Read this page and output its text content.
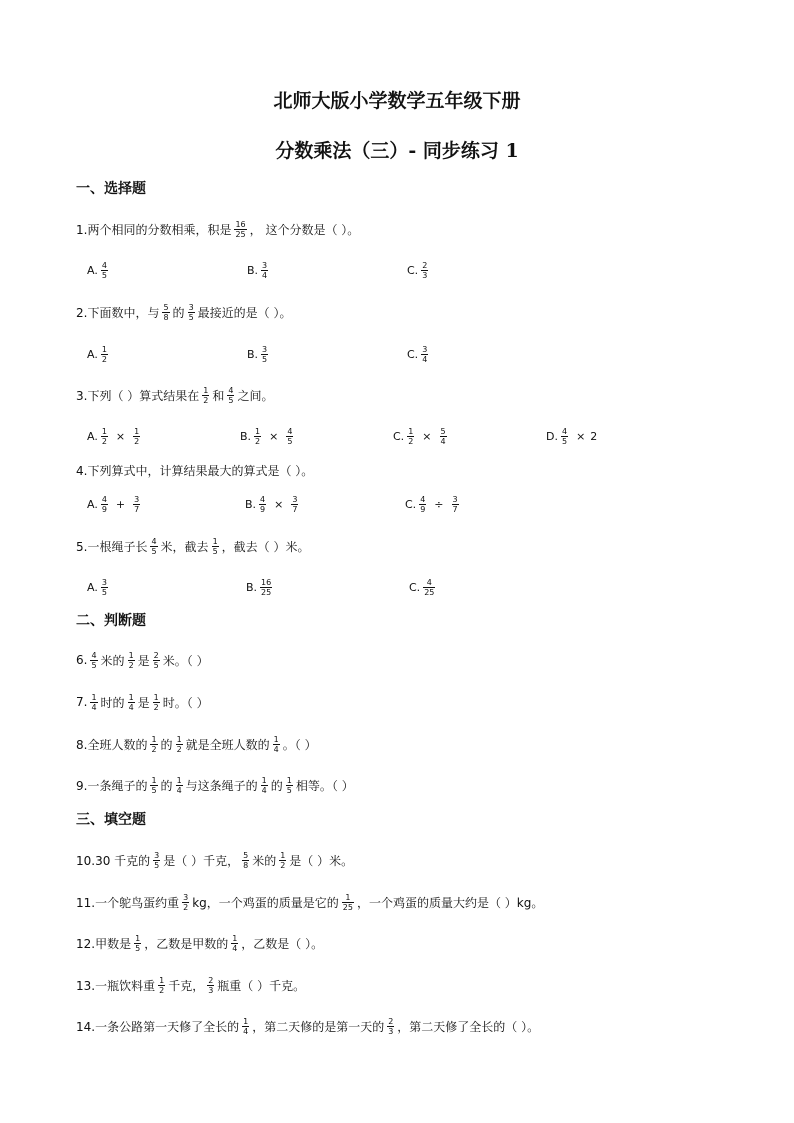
北师大版小学数学五年级下册
分数乘法（三）- 同步练习 1
一、选择题
1.两个相同的分数相乘，积是 $\frac{16}{25}$ ， 这个分数是（ ）。
A. $\frac{4}{5}$	B. $\frac{3}{4}$	C. $\frac{2}{3}$
2.下面数中，与 $\frac{5}{8}$ 的 $\frac{3}{5}$ 最接近的是（ ）。
A. $\frac{1}{2}$	B. $\frac{3}{5}$	C. $\frac{3}{4}$
3.下列（ ）算式结果在 $\frac{1}{2}$ 和 $\frac{4}{5}$ 之间。
A. $\frac{1}{2} \times \frac{1}{2}$	B. $\frac{1}{2} \times \frac{4}{5}$	C. $\frac{1}{2} \times \frac{5}{4}$	D. $\frac{4}{5} \times 2$
4.下列算式中，计算结果最大的算式是（ ）。
A. $\frac{4}{9} + \frac{3}{7}$	B. $\frac{4}{9} \times \frac{3}{7}$	C. $\frac{4}{9} \div \frac{3}{7}$
5.一根绳子长 $\frac{4}{5}$ 米，截去 $\frac{1}{5}$ ，截去（ ）米。
A. $\frac{3}{5}$	B. $\frac{16}{25}$	C. $\frac{4}{25}$
二、判断题
6. $\frac{4}{5}$ 米的 $\frac{1}{2}$ 是 $\frac{2}{5}$ 米。（ ）
7. $\frac{1}{4}$ 时的 $\frac{1}{4}$ 是 $\frac{1}{2}$ 时。（ ）
8.全班人数的 $\frac{1}{2}$ 的 $\frac{1}{2}$ 就是全班人数的 $\frac{1}{4}$ 。（ ）
9.一条绳子的 $\frac{1}{5}$ 的 $\frac{1}{4}$ 与这条绳子的 $\frac{1}{4}$ 的 $\frac{1}{5}$ 相等。（ ）
三、填空题
10.30 千克的 $\frac{3}{5}$ 是（ ）千克， $\frac{5}{8}$ 米的 $\frac{1}{2}$ 是（ ）米。
11.一个鸵鸟蛋约重 $\frac{3}{2}$ kg，一个鸡蛋的质量是它的 $\frac{1}{25}$ ，一个鸡蛋的质量大约是（ ）kg。
12.甲数是 $\frac{1}{5}$ ，乙数是甲数的 $\frac{1}{4}$ ，乙数是（ ）。
13.一瓶饮料重 $\frac{1}{2}$ 千克， $\frac{2}{3}$ 瓶重（ ）千克。
14.一条公路第一天修了全长的 $\frac{1}{4}$ ，第二天修的是第一天的 $\frac{2}{3}$ ，第二天修了全长的（ ）。
